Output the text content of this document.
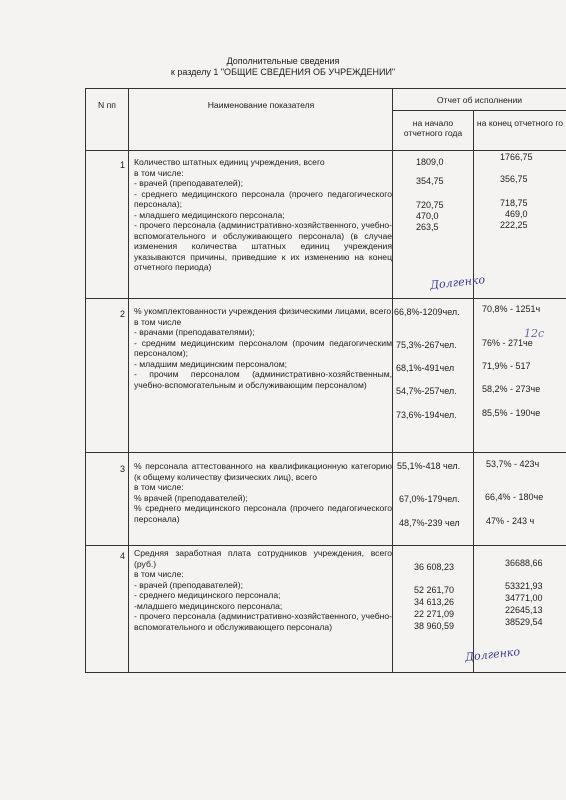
Дополнительные сведения
к разделу 1 "ОБЩИЕ СВЕДЕНИЯ ОБ УЧРЕЖДЕНИИ"
N пп	Наименование показателя	Отчет об исполнении
на начало отчетного года
на конец отчетного го
1 Количество штатных единиц учреждения, всего
в том числе:
- врачей (преподавателей);
- среднего медицинского персонала (прочего педагогического персонала);
- младшего медицинского персонала;
- прочего персонала (административно-хозяйственного, учебно-вспомогательного и обслуживающего персонала) (в случае изменения количества штатных единиц учреждения указываются причины, приведшие к их изменению на конец отчетного периода)
1809,0
354,75
720,75
470,0
263,5
1766,75
356,75
718,75
469,0
222,25
Долгенко
2 % укомплектованности учреждения физическими лицами, всего
в том числе
- врачами (преподавателями);
- средним медицинским персоналом (прочим педагогическим персоналом);
- младшим медицинским персоналом;
- прочим персоналом (административно-хозяйственным, учебно-вспомогательным и обслуживающим персоналом)
66,8%-1209чел.
75,3%-267чел.
68,1%-491чел
54,7%-257чел.
73,6%-194чел.
70,8% - 1251ч
76% - 271че
71,9% - 517
58,2% - 273че
85,5% - 190че
12с
3 % персонала аттестованного на квалификационную категорию (к общему количеству физических лиц), всего
в том числе:
% врачей (преподавателей);
% среднего медицинского персонала (прочего педагогического персонала)
55,1%-418 чел.
67,0%-179чел.
48,7%-239 чел
53,7% - 423ч
66,4% - 180че
47% - 243 ч
4 Средняя заработная плата сотрудников учреждения, всего (руб.)
в том числе:
- врачей (преподавателей);
- среднего медицинского персонала;
-младшего медицинского персонала;
- прочего персонала (административно-хозяйственного, учебно-вспомогательного и обслуживающего персонала)
36 608,23
52 261,70
34 613,26
22 271,09
38 960,59
36688,66
53321,93
34771,00
22645,13
38529,54
Долгенко
